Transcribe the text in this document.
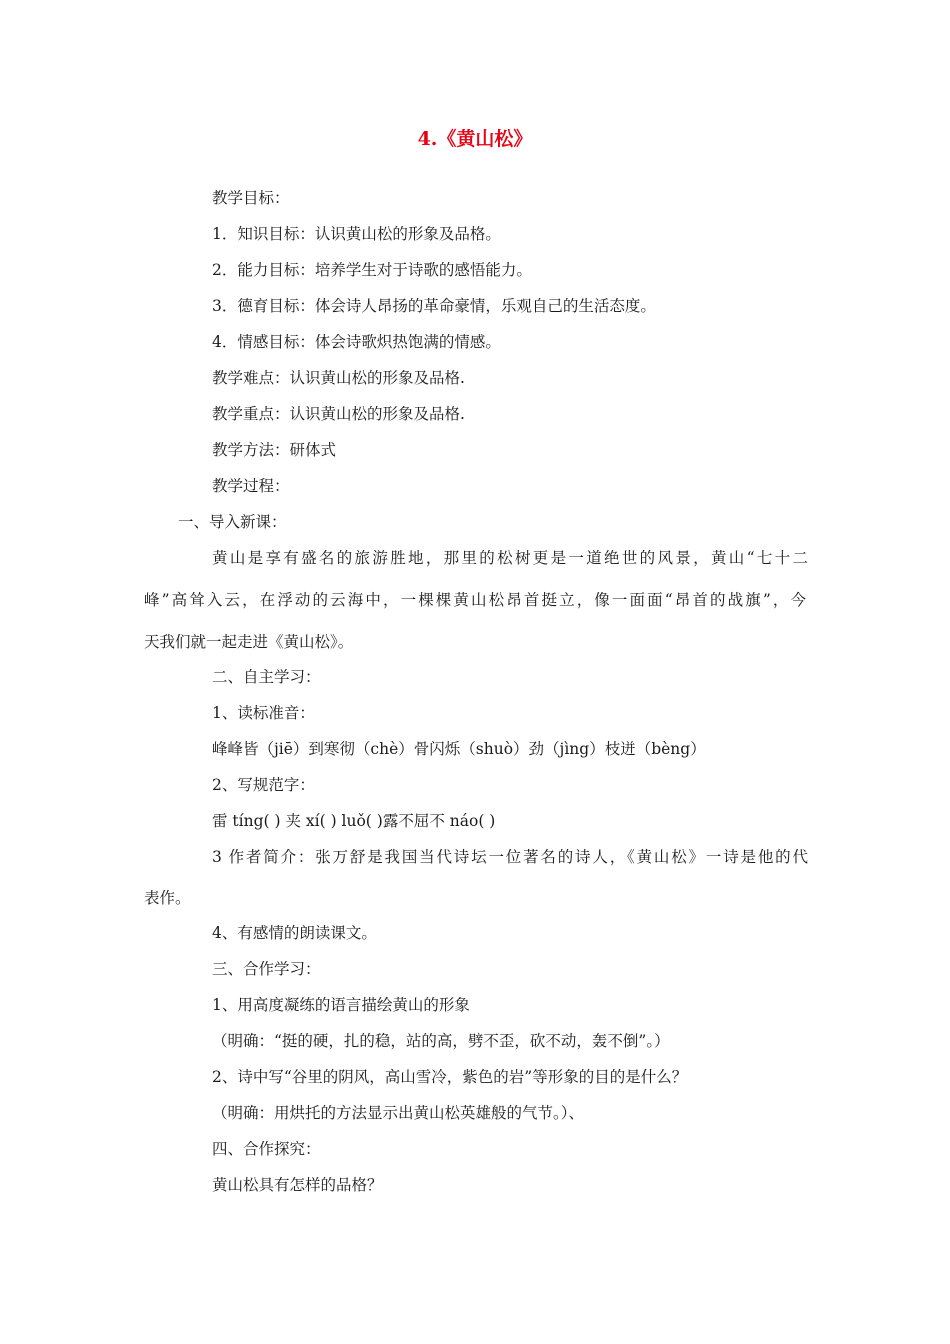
4.《黄山松》
教学目标：
1．知识目标：认识黄山松的形象及品格。
2．能力目标：培养学生对于诗歌的感悟能力。
3．德育目标：体会诗人昂扬的革命豪情，乐观自己的生活态度。
4．情感目标：体会诗歌炽热饱满的情感。
教学难点：认识黄山松的形象及品格.
教学重点：认识黄山松的形象及品格.
教学方法：研体式
教学过程：
一、导入新课：
黄山是享有盛名的旅游胜地，那里的松树更是一道绝世的风景，黄山“七十二
峰”高耸入云，在浮动的云海中，一棵棵黄山松昂首挺立，像一面面“昂首的战旗”，今
天我们就一起走进《黄山松》。
二、自主学习：
1、读标准音：
峰峰皆（jiē）到寒彻（chè）骨闪烁（shuò）劲（jìng）枝迸（bèng）
2、写规范字：
雷 tíng( ) 夹 xí( ) luǒ( )露不屈不 náo( )
3 作者简介：张万舒是我国当代诗坛一位著名的诗人，《黄山松》一诗是他的代
表作。
4、有感情的朗读课文。
三、合作学习：
1、用高度凝练的语言描绘黄山的形象
（明确：“挺的硬，扎的稳，站的高，劈不歪，砍不动，轰不倒”。）
2、诗中写“谷里的阴风，高山雪冷，紫色的岩”等形象的目的是什么？
（明确：用烘托的方法显示出黄山松英雄般的气节。）、
四、合作探究：
黄山松具有怎样的品格？
